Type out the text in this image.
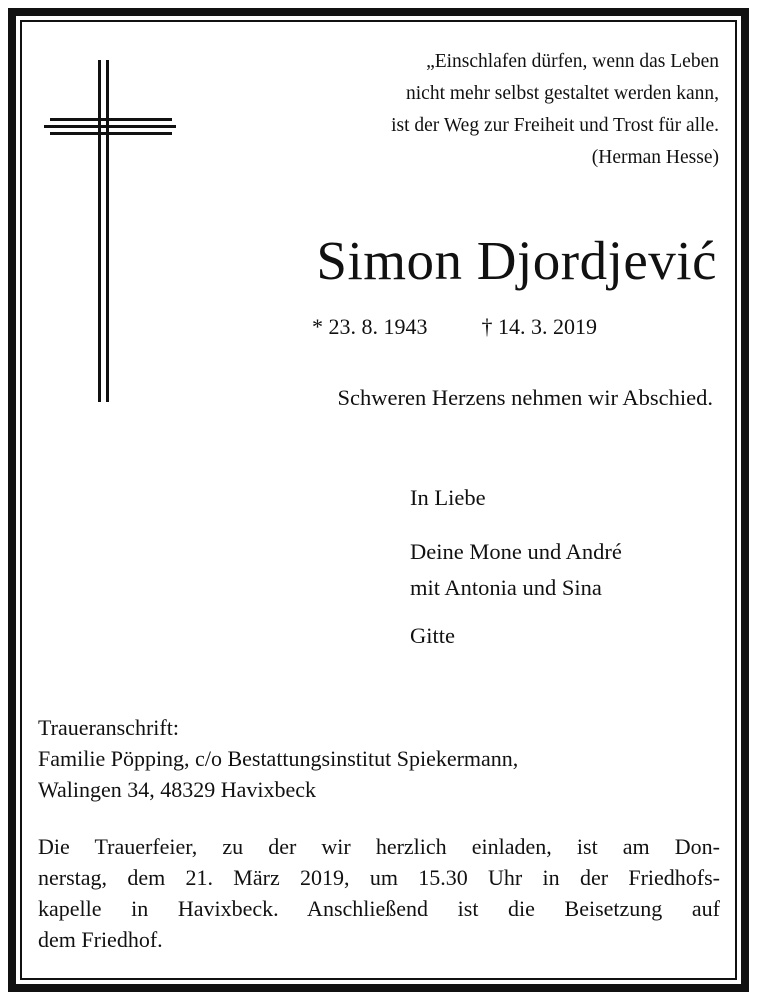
„Einschlafen dürfen, wenn das Leben
nicht mehr selbst gestaltet werden kann,
ist der Weg zur Freiheit und Trost für alle.
(Herman Hesse)
Simon Djordjević
* 23. 8. 1943 † 14. 3. 2019
Schweren Herzens nehmen wir Abschied.
In Liebe
Deine Mone und André
mit Antonia und Sina
Gitte
Traueranschrift:
Familie Pöpping, c/o Bestattungsinstitut Spiekermann,
Walingen 34, 48329 Havixbeck
Die Trauerfeier, zu der wir herzlich einladen, ist am Don-
nerstag, dem 21. März 2019, um 15.30 Uhr in der Friedhofs-
kapelle in Havixbeck. Anschließend ist die Beisetzung auf
dem Friedhof.
